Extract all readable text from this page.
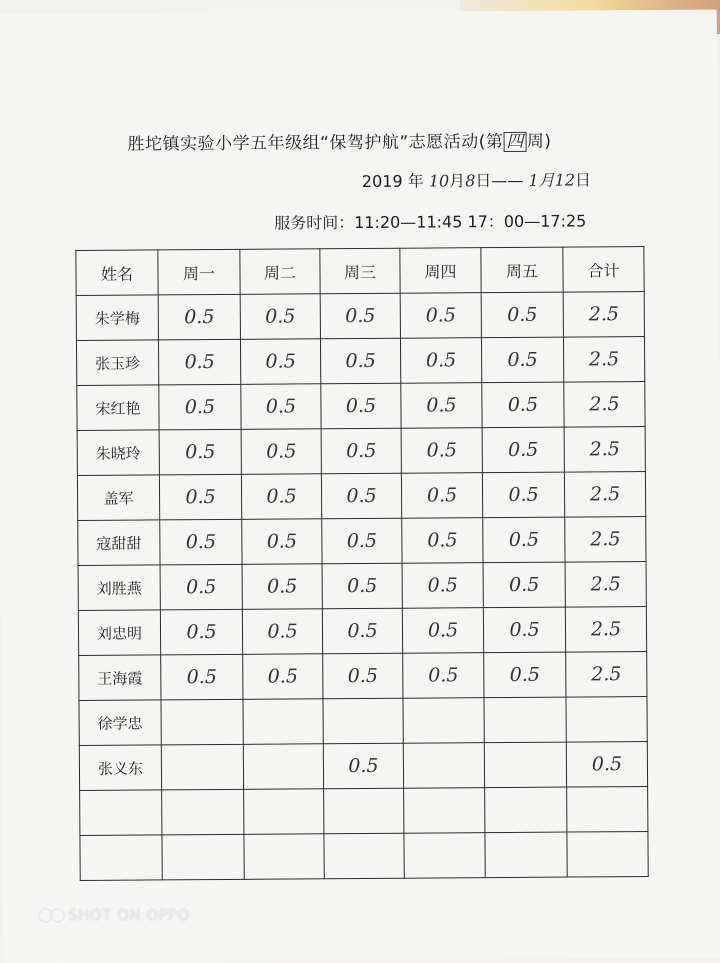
胜坨镇实验小学五年级组“保驾护航”志愿活动(第 四 周)
2019 年 10月8日—— 1月12日
服务时间：11:20—11:45 17：00—17:25
姓名	周一	周二	周三	周四	周五	合计
朱学梅	0.5	0.5	0.5	0.5	0.5	2.5
张玉珍	0.5	0.5	0.5	0.5	0.5	2.5
宋红艳	0.5	0.5	0.5	0.5	0.5	2.5
朱晓玲	0.5	0.5	0.5	0.5	0.5	2.5
盖军	0.5	0.5	0.5	0.5	0.5	2.5
寇甜甜	0.5	0.5	0.5	0.5	0.5	2.5
刘胜燕	0.5	0.5	0.5	0.5	0.5	2.5
刘忠明	0.5	0.5	0.5	0.5	0.5	2.5
王海霞	0.5	0.5	0.5	0.5	0.5	2.5
徐学忠						
张义东			0.5			0.5

SHOT ON OPPO
